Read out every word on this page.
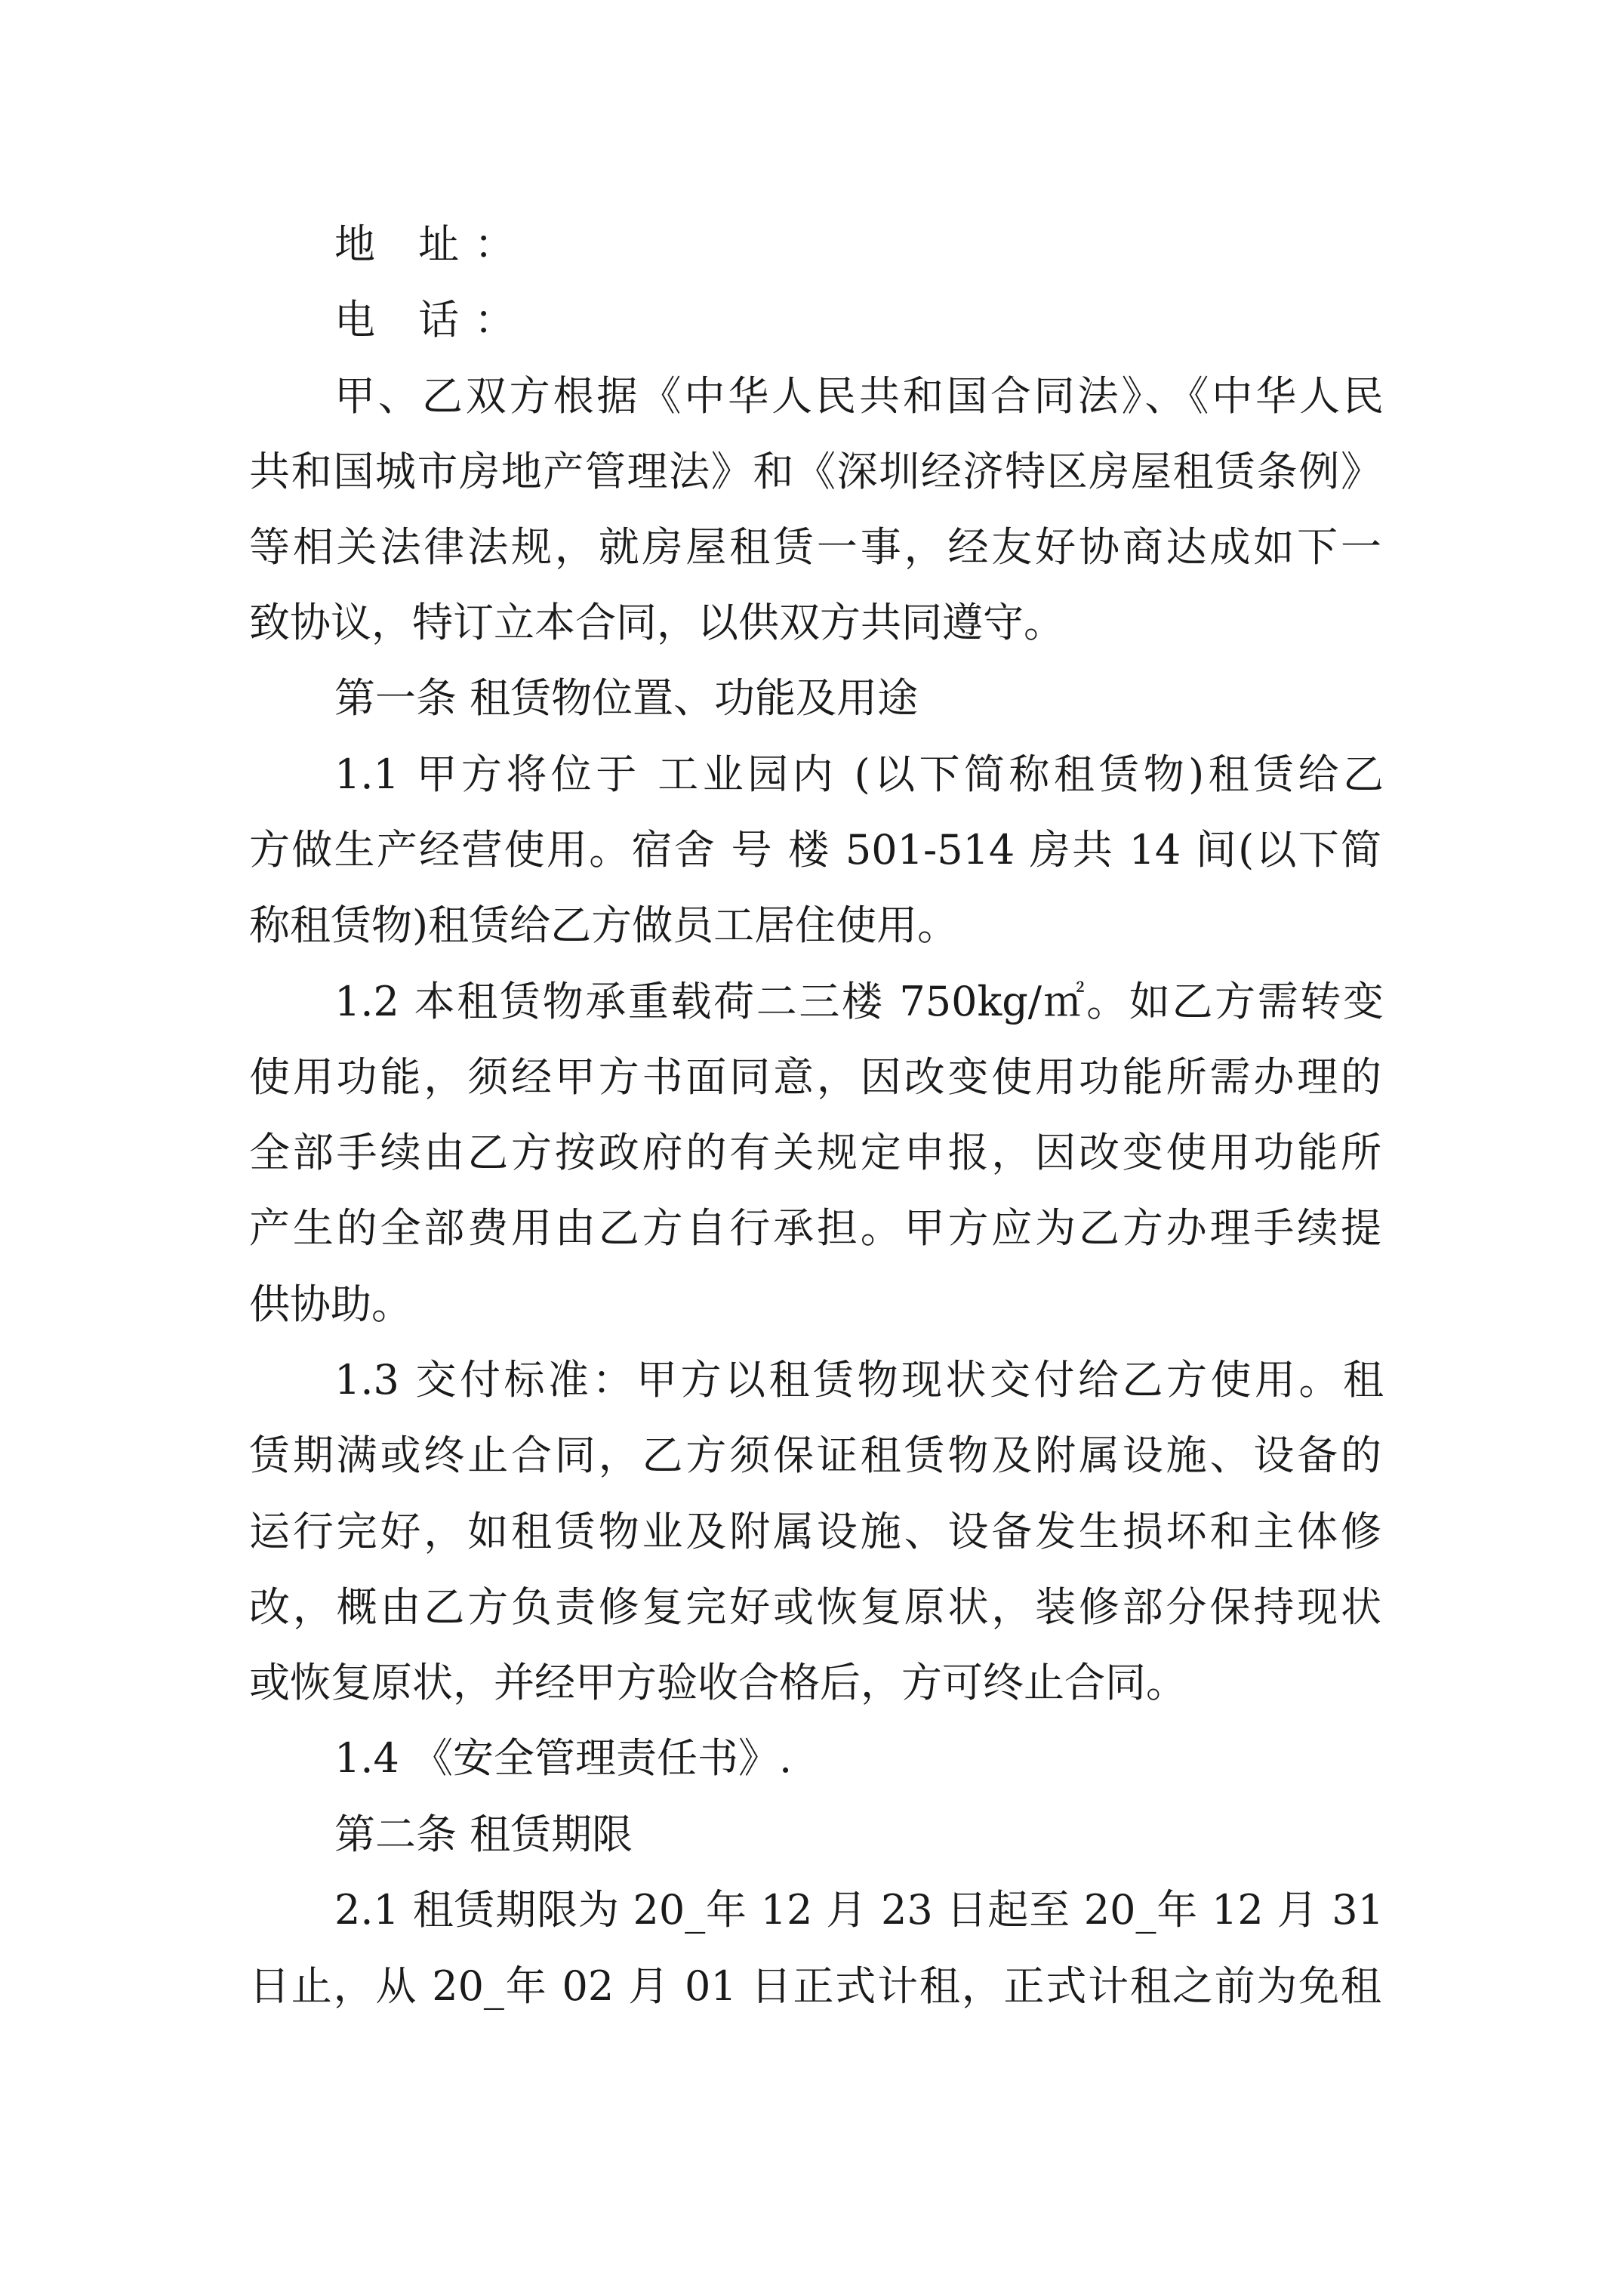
地 址：
电 话：
甲、乙双方根据《中华人民共和国合同法》、《中华人民
共和国城市房地产管理法》和《深圳经济特区房屋租赁条例》
等相关法律法规，就房屋租赁一事，经友好协商达成如下一
致协议，特订立本合同，以供双方共同遵守。
第一条 租赁物位置、功能及用途
1.1 甲方将位于 工业园内 (以下简称租赁物)租赁给乙
方做生产经营使用。宿舍 号 楼 501-514 房共 14 间(以下简
称租赁物)租赁给乙方做员工居住使用。
1.2 本租赁物承重载荷二三楼 750kg/㎡。如乙方需转变
使用功能，须经甲方书面同意，因改变使用功能所需办理的
全部手续由乙方按政府的有关规定申报，因改变使用功能所
产生的全部费用由乙方自行承担。甲方应为乙方办理手续提
供协助。
1.3 交付标准：甲方以租赁物现状交付给乙方使用。租
赁期满或终止合同，乙方须保证租赁物及附属设施、设备的
运行完好，如租赁物业及附属设施、设备发生损坏和主体修
改，概由乙方负责修复完好或恢复原状，装修部分保持现状
或恢复原状，并经甲方验收合格后，方可终止合同。
1.4 《安全管理责任书》.
第二条 租赁期限
2.1 租赁期限为 20_年 12 月 23 日起至 20_年 12 月 31
日止，从 20_年 02 月 01 日正式计租，正式计租之前为免租
